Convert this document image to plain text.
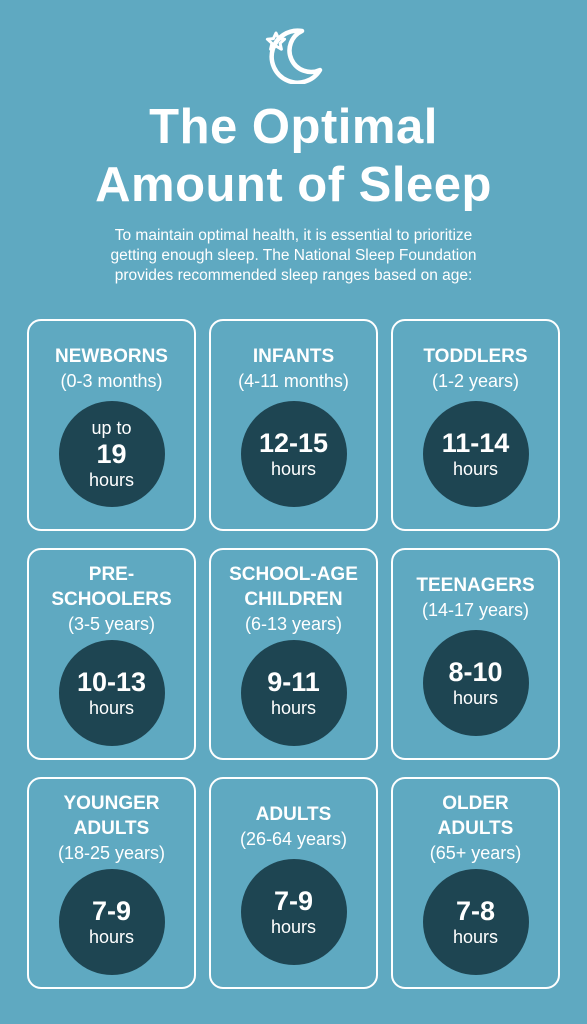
The Optimal
Amount of Sleep
To maintain optimal health, it is essential to prioritize
getting enough sleep. The National Sleep Foundation
provides recommended sleep ranges based on age:
NEWBORNS
(0-3 months)
up to
19
hours
INFANTS
(4-11 months)
12-15
hours
TODDLERS
(1-2 years)
11-14
hours
PRE-
SCHOOLERS
(3-5 years)
10-13
hours
SCHOOL-AGE
CHILDREN
(6-13 years)
9-11
hours
TEENAGERS
(14-17 years)
8-10
hours
YOUNGER
ADULTS
(18-25 years)
7-9
hours
ADULTS
(26-64 years)
7-9
hours
OLDER
ADULTS
(65+ years)
7-8
hours
